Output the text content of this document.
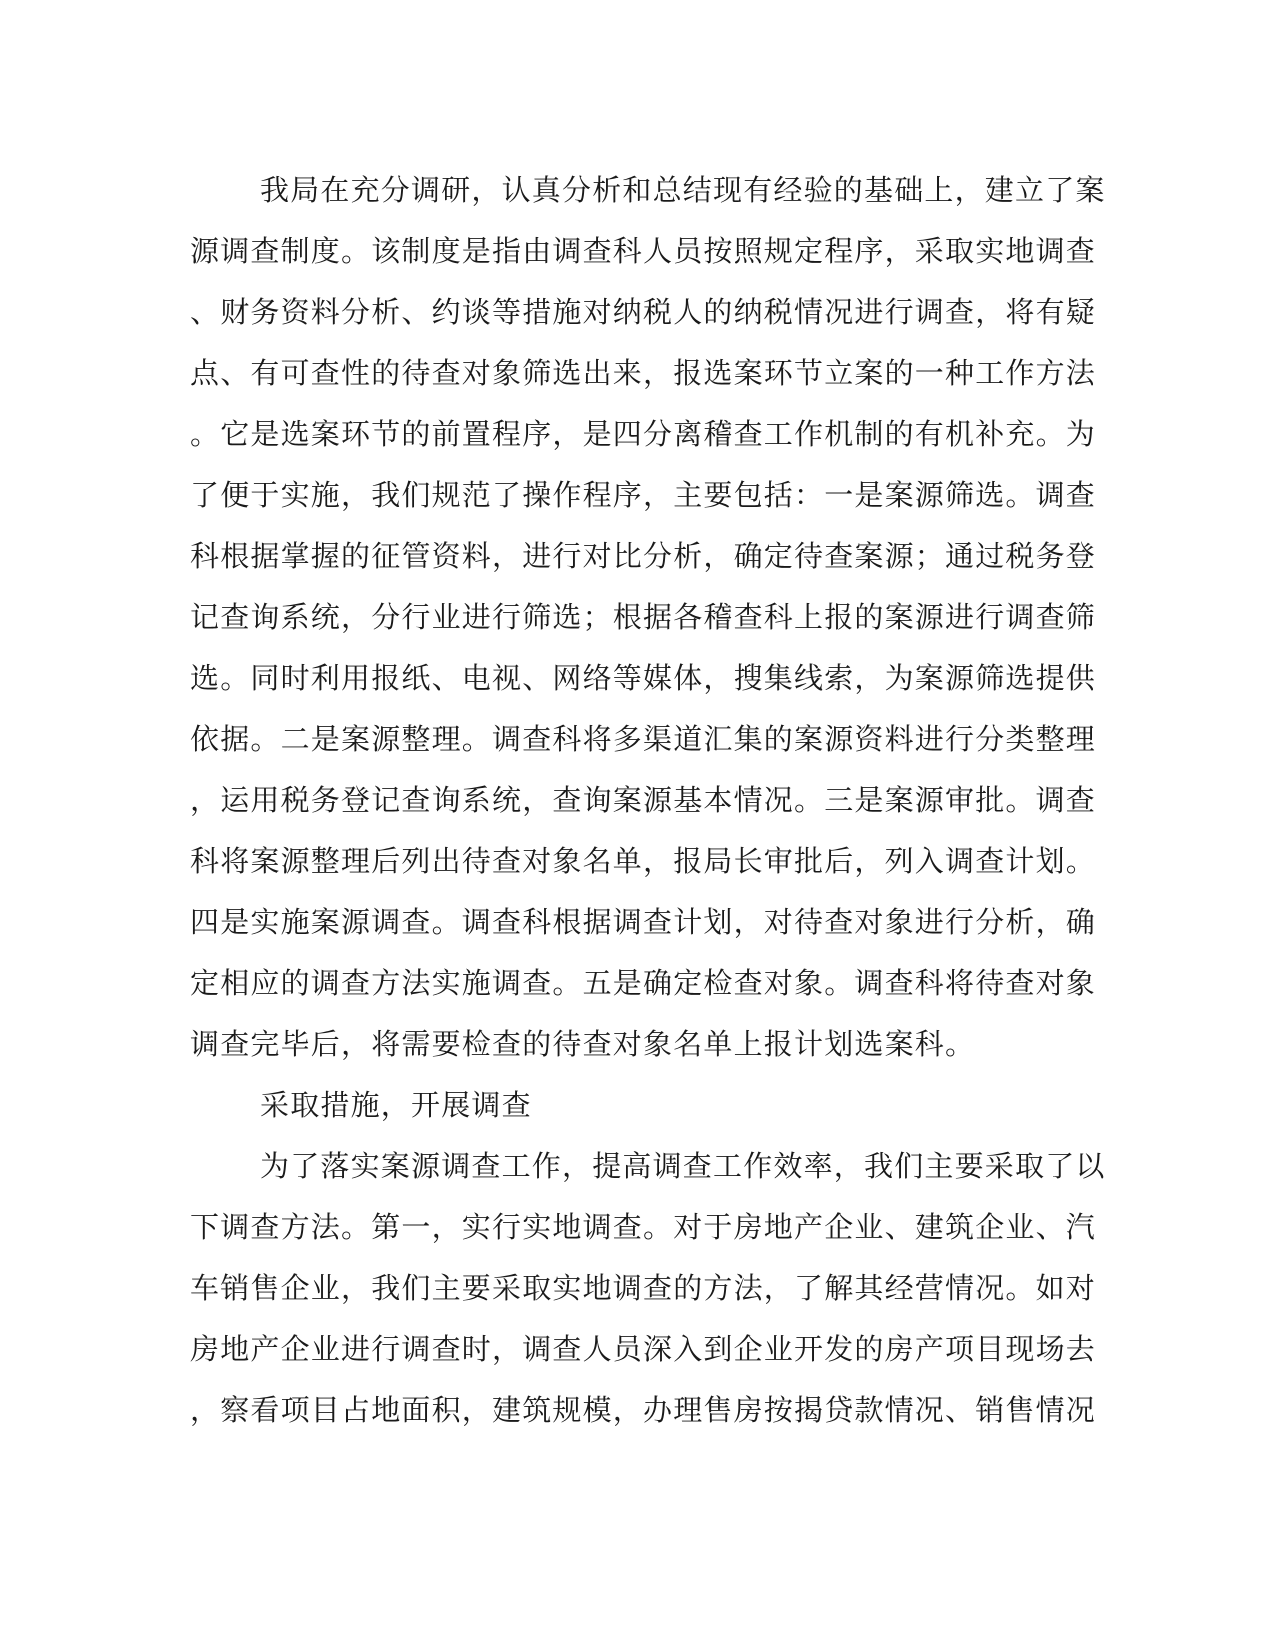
我局在充分调研，认真分析和总结现有经验的基础上，建立了案
源调查制度。该制度是指由调查科人员按照规定程序，采取实地调查
、财务资料分析、约谈等措施对纳税人的纳税情况进行调查，将有疑
点、有可查性的待查对象筛选出来，报选案环节立案的一种工作方法
。它是选案环节的前置程序，是四分离稽查工作机制的有机补充。为
了便于实施，我们规范了操作程序，主要包括：一是案源筛选。调查
科根据掌握的征管资料，进行对比分析，确定待查案源；通过税务登
记查询系统，分行业进行筛选；根据各稽查科上报的案源进行调查筛
选。同时利用报纸、电视、网络等媒体，搜集线索，为案源筛选提供
依据。二是案源整理。调查科将多渠道汇集的案源资料进行分类整理
，运用税务登记查询系统，查询案源基本情况。三是案源审批。调查
科将案源整理后列出待查对象名单，报局长审批后，列入调查计划。
四是实施案源调查。调查科根据调查计划，对待查对象进行分析，确
定相应的调查方法实施调查。五是确定检查对象。调查科将待查对象
调查完毕后，将需要检查的待查对象名单上报计划选案科。
采取措施，开展调查
为了落实案源调查工作，提高调查工作效率，我们主要采取了以
下调查方法。第一，实行实地调查。对于房地产企业、建筑企业、汽
车销售企业，我们主要采取实地调查的方法，了解其经营情况。如对
房地产企业进行调查时，调查人员深入到企业开发的房产项目现场去
，察看项目占地面积，建筑规模，办理售房按揭贷款情况、销售情况
